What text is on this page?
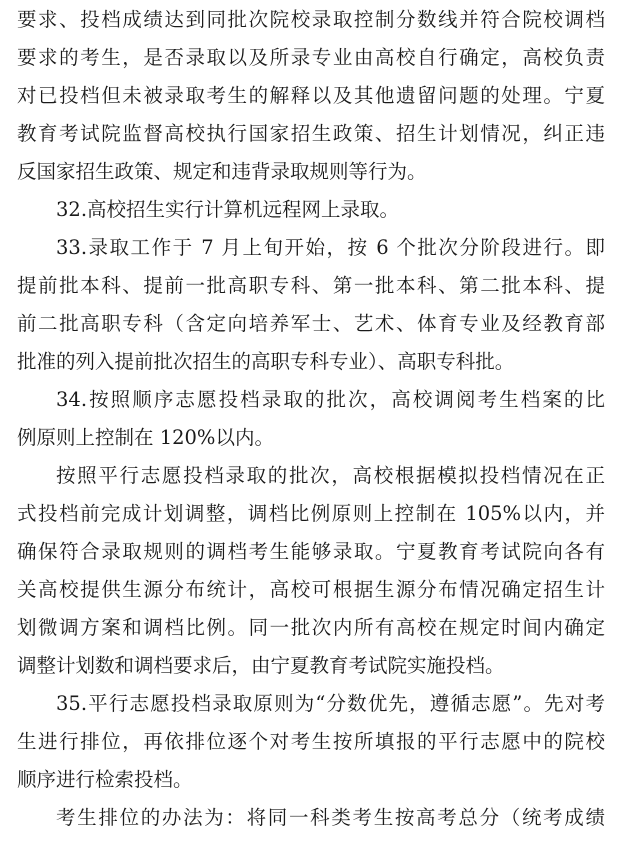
要求、投档成绩达到同批次院校录取控制分数线并符合院校调档
要求的考生，是否录取以及所录专业由高校自行确定，高校负责
对已投档但未被录取考生的解释以及其他遗留问题的处理。宁夏
教育考试院监督高校执行国家招生政策、招生计划情况，纠正违
反国家招生政策、规定和违背录取规则等行为。
32.高校招生实行计算机远程网上录取。
33.录取工作于 7 月上旬开始，按 6 个批次分阶段进行。即
提前批本科、提前一批高职专科、第一批本科、第二批本科、提
前二批高职专科（含定向培养军士、艺术、体育专业及经教育部
批准的列入提前批次招生的高职专科专业）、高职专科批。
34.按照顺序志愿投档录取的批次，高校调阅考生档案的比
例原则上控制在 120%以内。
按照平行志愿投档录取的批次，高校根据模拟投档情况在正
式投档前完成计划调整，调档比例原则上控制在 105%以内，并
确保符合录取规则的调档考生能够录取。宁夏教育考试院向各有
关高校提供生源分布统计，高校可根据生源分布情况确定招生计
划微调方案和调档比例。同一批次内所有高校在规定时间内确定
调整计划数和调档要求后，由宁夏教育考试院实施投档。
35.平行志愿投档录取原则为“分数优先，遵循志愿”。先对考
生进行排位，再依排位逐个对考生按所填报的平行志愿中的院校
顺序进行检索投档。
考生排位的办法为：将同一科类考生按高考总分（统考成绩
